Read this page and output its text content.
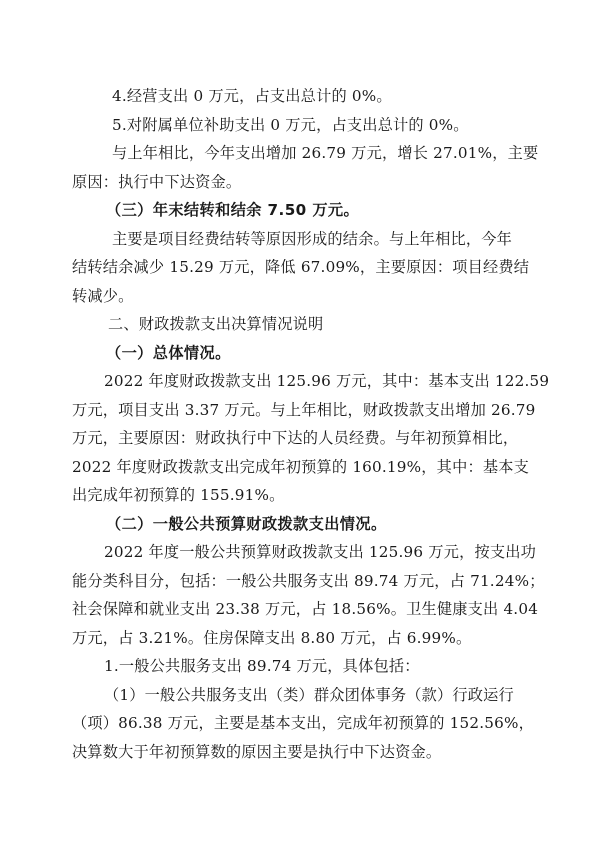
4.经营支出 0 万元，占支出总计的 0%。
5.对附属单位补助支出 0 万元，占支出总计的 0%。
与上年相比，今年支出增加 26.79 万元，增长 27.01%，主要
原因：执行中下达资金。
（三）年末结转和结余 7.50 万元。
主要是项目经费结转等原因形成的结余。与上年相比，今年
结转结余减少 15.29 万元，降低 67.09%，主要原因：项目经费结
转减少。
二、财政拨款支出决算情况说明
（一）总体情况。
2022 年度财政拨款支出 125.96 万元，其中：基本支出 122.59
万元，项目支出 3.37 万元。与上年相比，财政拨款支出增加 26.79
万元，主要原因：财政执行中下达的人员经费。与年初预算相比，
2022 年度财政拨款支出完成年初预算的 160.19%，其中：基本支
出完成年初预算的 155.91%。
（二）一般公共预算财政拨款支出情况。
2022 年度一般公共预算财政拨款支出 125.96 万元，按支出功
能分类科目分，包括：一般公共服务支出 89.74 万元，占 71.24%；
社会保障和就业支出 23.38 万元，占 18.56%。卫生健康支出 4.04
万元，占 3.21%。住房保障支出 8.80 万元，占 6.99%。
1.一般公共服务支出 89.74 万元，具体包括：
（1）一般公共服务支出（类）群众团体事务（款）行政运行
（项）86.38 万元，主要是基本支出，完成年初预算的 152.56%，
决算数大于年初预算数的原因主要是执行中下达资金。
